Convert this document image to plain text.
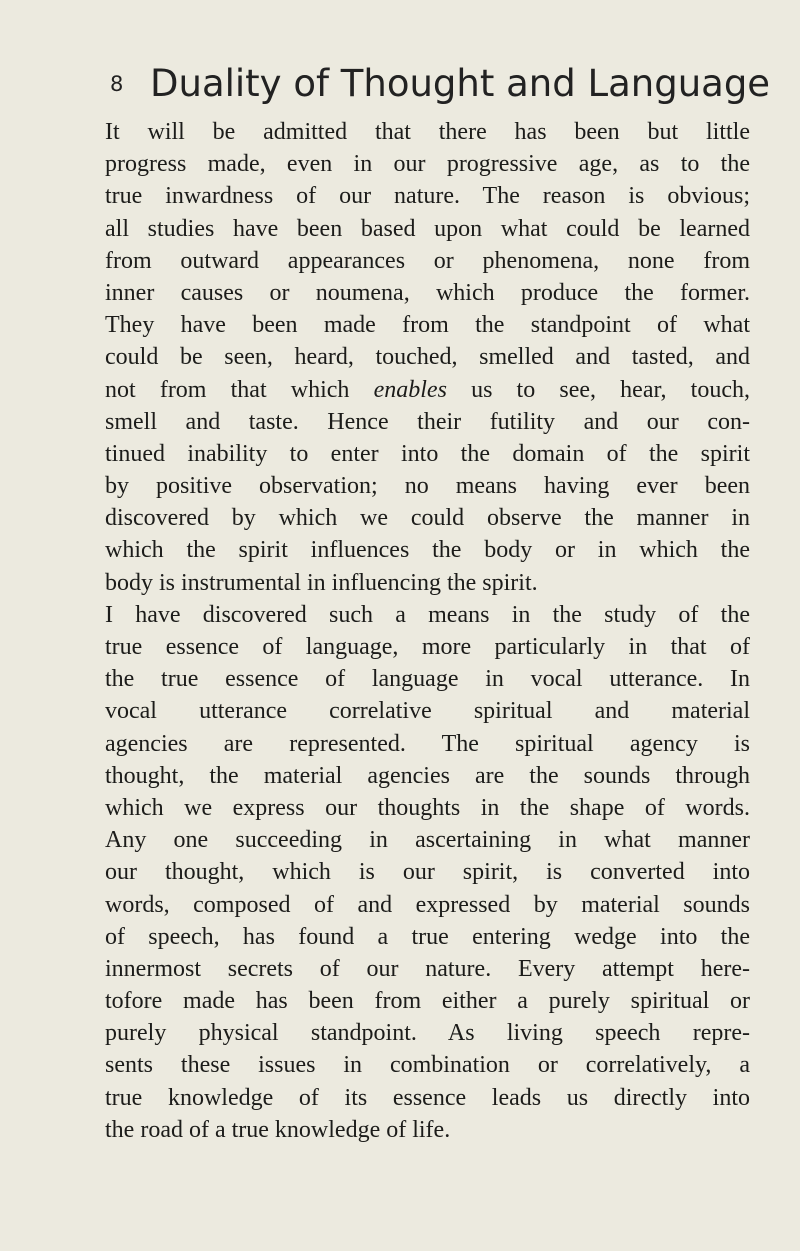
8 Duality of Thought and Language
It will be admitted that there has been but little
progress made, even in our progressive age, as to the
true inwardness of our nature. The reason is obvious;
all studies have been based upon what could be learned
from outward appearances or phenomena, none from
inner causes or noumena, which produce the former.
They have been made from the standpoint of what
could be seen, heard, touched, smelled and tasted, and
not from that which enables us to see, hear, touch,
smell and taste. Hence their futility and our con-
tinued inability to enter into the domain of the spirit
by positive observation; no means having ever been
discovered by which we could observe the manner in
which the spirit influences the body or in which the
body is instrumental in influencing the spirit.
I have discovered such a means in the study of the
true essence of language, more particularly in that of
the true essence of language in vocal utterance. In
vocal utterance correlative spiritual and material
agencies are represented. The spiritual agency is
thought, the material agencies are the sounds through
which we express our thoughts in the shape of words.
Any one succeeding in ascertaining in what manner
our thought, which is our spirit, is converted into
words, composed of and expressed by material sounds
of speech, has found a true entering wedge into the
innermost secrets of our nature. Every attempt here-
tofore made has been from either a purely spiritual or
purely physical standpoint. As living speech repre-
sents these issues in combination or correlatively, a
true knowledge of its essence leads us directly into
the road of a true knowledge of life.
